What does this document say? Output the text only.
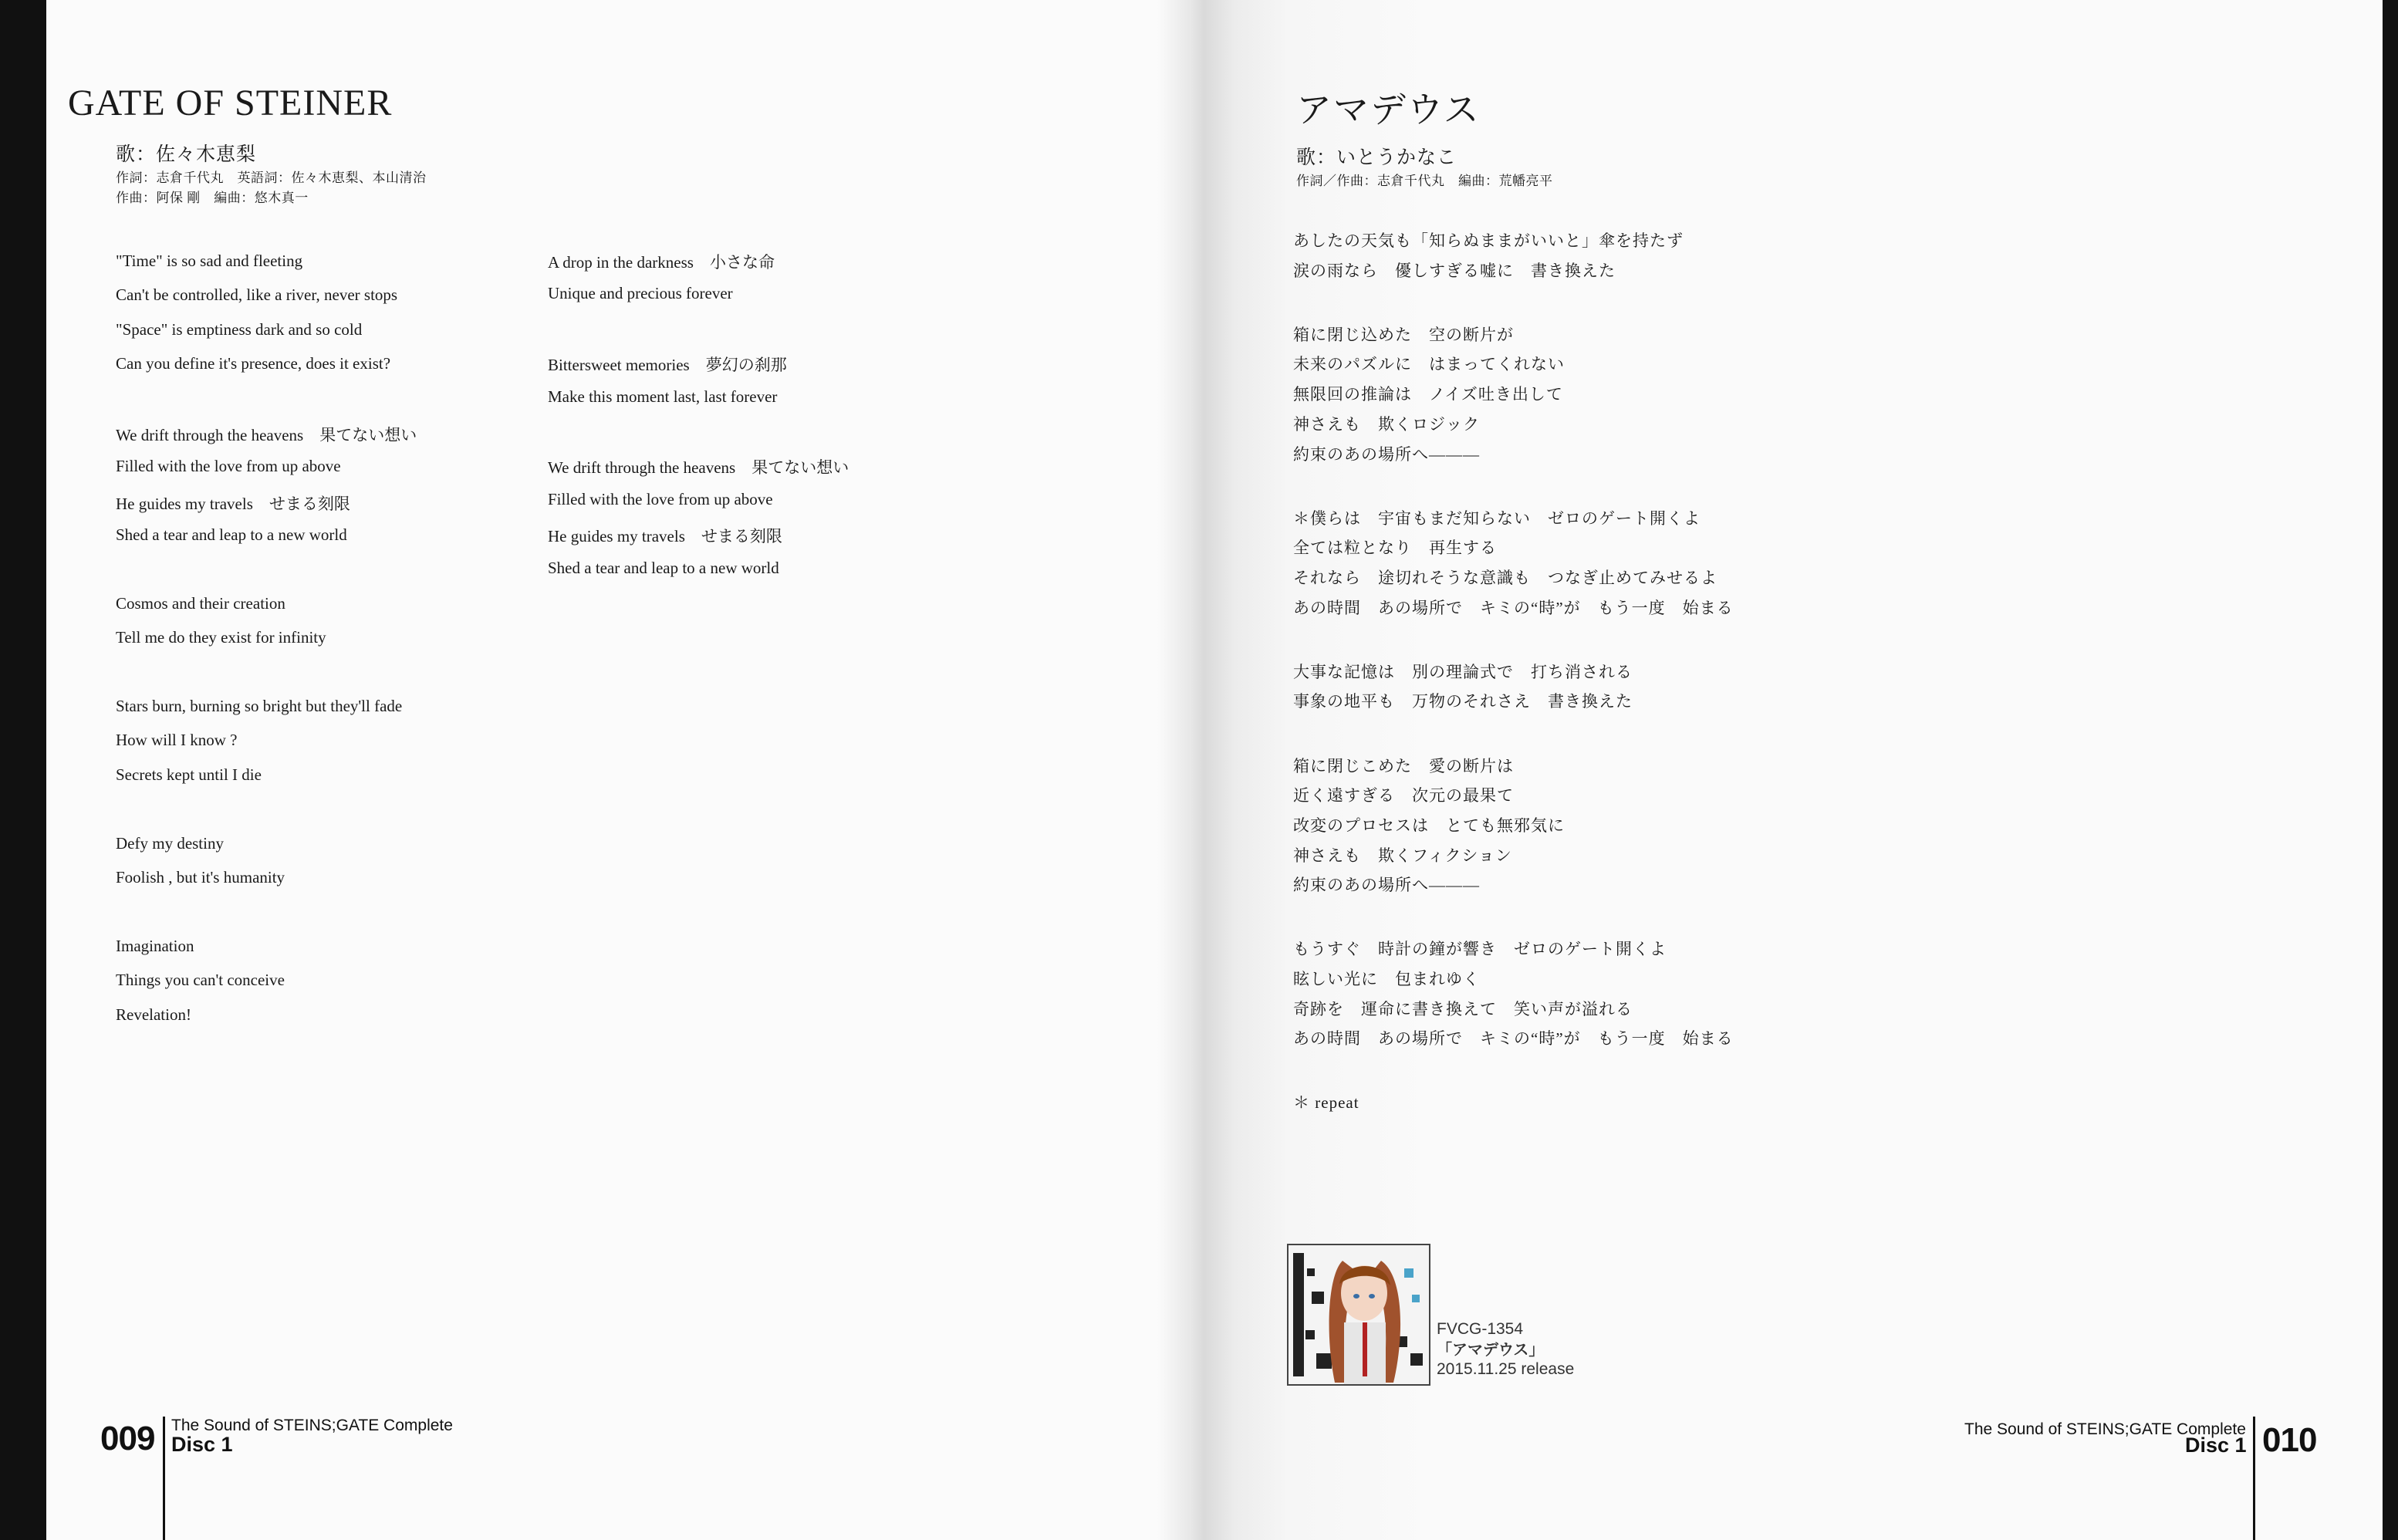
GATE OF STEINER
歌：佐々木恵梨
作詞：志倉千代丸　英語詞：佐々木恵梨、本山清治
作曲：阿保 剛　編曲：悠木真一
"Time" is so sad and fleeting
Can't be controlled, like a river, never stops
"Space" is emptiness dark and so cold
Can you define it's presence, does it exist?
We drift through the heavens　果てない想い
Filled with the love from up above
He guides my travels　せまる刻限
Shed a tear and leap to a new world
Cosmos and their creation
Tell me do they exist for infinity
Stars burn, burning so bright but they'll fade
How will I know ?
Secrets kept until I die
Defy my destiny
Foolish , but it's humanity
Imagination
Things you can't conceive
Revelation!
A drop in the darkness　小さな命
Unique and precious forever
Bittersweet memories　夢幻の刹那
Make this moment last, last forever
We drift through the heavens　果てない想い
Filled with the love from up above
He guides my travels　せまる刻限
Shed a tear and leap to a new world
009 The Sound of STEINS;GATE Complete
Disc 1
アマデウス
歌：いとうかなこ
作詞／作曲：志倉千代丸　編曲：荒幡亮平
あしたの天気も「知らぬままがいいと」傘を持たず
涙の雨なら　優しすぎる嘘に　書き換えた
箱に閉じ込めた　空の断片が
未来のパズルに　はまってくれない
無限回の推論は　ノイズ吐き出して
神さえも　欺くロジック
約束のあの場所へ―――
＊僕らは　宇宙もまだ知らない　ゼロのゲート開くよ
全ては粒となり　再生する
それなら　途切れそうな意識も　つなぎ止めてみせるよ
あの時間　あの場所で　キミの“時”が　もう一度　始まる
大事な記憶は　別の理論式で　打ち消される
事象の地平も　万物のそれさえ　書き換えた
箱に閉じこめた　愛の断片は
近く遠すぎる　次元の最果て
改変のプロセスは　とても無邪気に
神さえも　欺くフィクション
約束のあの場所へ―――
もうすぐ　時計の鐘が響き　ゼロのゲート開くよ
眩しい光に　包まれゆく
奇跡を　運命に書き換えて　笑い声が溢れる
あの時間　あの場所で　キミの“時”が　もう一度　始まる
＊ repeat
FVCG-1354
「アマデウス」
2015.11.25 release
The Sound of STEINS;GATE Complete
Disc 1 010
